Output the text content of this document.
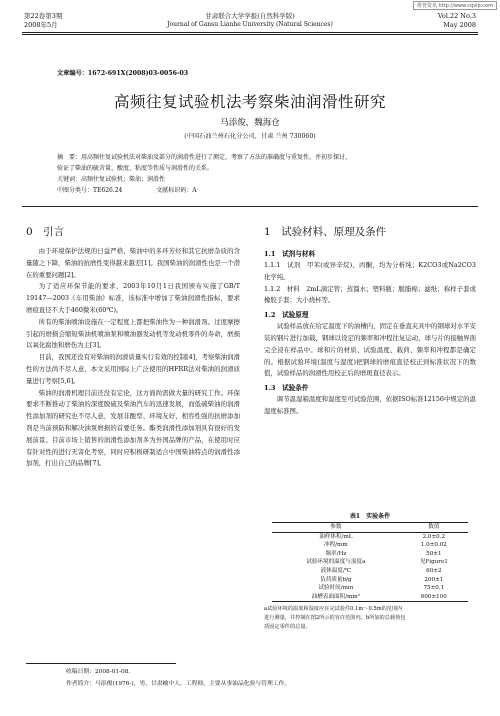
维普资讯 http://www.cqvip.com
第22卷第3期
2008年5月
甘肃联合大学学报(自然科学版)
Journal of Gansu Lianhe University (Natural Sciences)
Vol.22 No.3
May 2008
文章编号：1672-691X(2008)03-0056-03
高频往复试验机法考察柴油润滑性研究
马添俊，魏海仓
(中国石油兰州石化分公司，甘肃 兰州 730060)
摘　要：用高频往复试验机法对柴油及部分的润滑性进行了测定，考察了方法的准确度与重复性，并初步探讨、
验证了柴油的硫含量、酸度、粘度等性质与润滑性的关系。
关键词：高频往复试验机；柴油；润滑性
中图分类号：TE626.24	文献标识码：A
0　引言

由于环境保护法规的日益严格，柴油中的多环芳烃和其它抗磨杂质的含量随之下降，柴油的抗磨性变得越来越差[1]。我国柴油的润滑性也是一个潜在的重要问题[2]。

为了适应环保节能的要求，2003年10月1日我国颁布实施了GB/T 19147—2003《车用柴油》标准，该标准中增加了柴油润滑性指标，要求磨痕直径不大于460微米(60℃)。

所有的柴油喷油设施在一定程度上都把柴油作为一种润滑剂。过度摩擦引起的磨损会缩短柴油机喷油泵和喷油器发动机等发动机零件的寿命，磨损以氧化腐蚀和磨伤为主[3]。

目前，我国还没有对柴油的润滑质量实行有效的控制[4]，考察柴油润滑性的方法尚不尽人意，本文采用国际上广泛使用的HFRR法对柴油的润滑质量进行考察[5,6]。

柴油的润滑机理目前还没有定论，这方面尚需做大量的研究工作。环保要求不断推动了柴油的深度脱硫及柴油汽车的迅速发展，而低硫柴油的润滑性添加剂的研究也不尽人意，发展非酸型、环境友好、相容性强的抗磨添加剂是当前预防和解决油泵磨损的首要任务。酯类润滑性添加剂具有很好的发展前景。目前市场上销售的润滑性添加剂多为外国品牌的产品，在使用时应有针对性的进行无害化考察，同时应积极研制适合中国柴油特点的润滑性添加剂，打出自己的品牌[7]。

1　试验材料、原理及条件
1.1　试剂与材料

1.1.1　试剂　甲苯(或异辛烷)、丙酮，均为分析纯；K2CO3或Na2CO3化学纯。

1.1.2　材料　2mL滴定管；蒸馏水；塑料瓶；脱脂棉；滤纸；称样子套或橡胶手套；大小烧杯等。

1.2　试验原理

试验样品放在给定温度下的油槽内，固定在垂直夹具中的钢球对水平安装的钢片进行加载，钢球以设定的频率和冲程往复运动，球与片的接触界面完全浸在样品中。球和片的材质、试验温度、载荷、频率和冲程都是确定的。根据试验环境(温度与湿度)把钢球的磨痕直径校正到标准状况下的数值，试验样品的润滑性用校正后的磨斑直径表示。

1.3　试验条件

调节温湿箱温度和湿度至可试验范围，依据ISO标准12156中规定的温湿度标准图。

表1　实验条件
参数	数值
油样体积/mL	2.0±0.2
冲程/mm	1.0±0.02
频率/Hz	50±1
试验环境的温度与湿度a	见Figure1
液体温度/℃	60±2
负荷质量b/g	200±1
试验时间/min	75±0.1
油槽表面面积/mm²	600±100
a试验环境的温度和湿度应在完试验件0.1m～0.5m的范围内
进行测量，并控制在图2所示的容许范围内。b所加的总载荷包
括固定零件的总量。
收稿日期：2008-01-08.
作者简介：马添俊(1976-)，男，甘肃榆中人，工程师，主要从事油品化验与管理工作。
